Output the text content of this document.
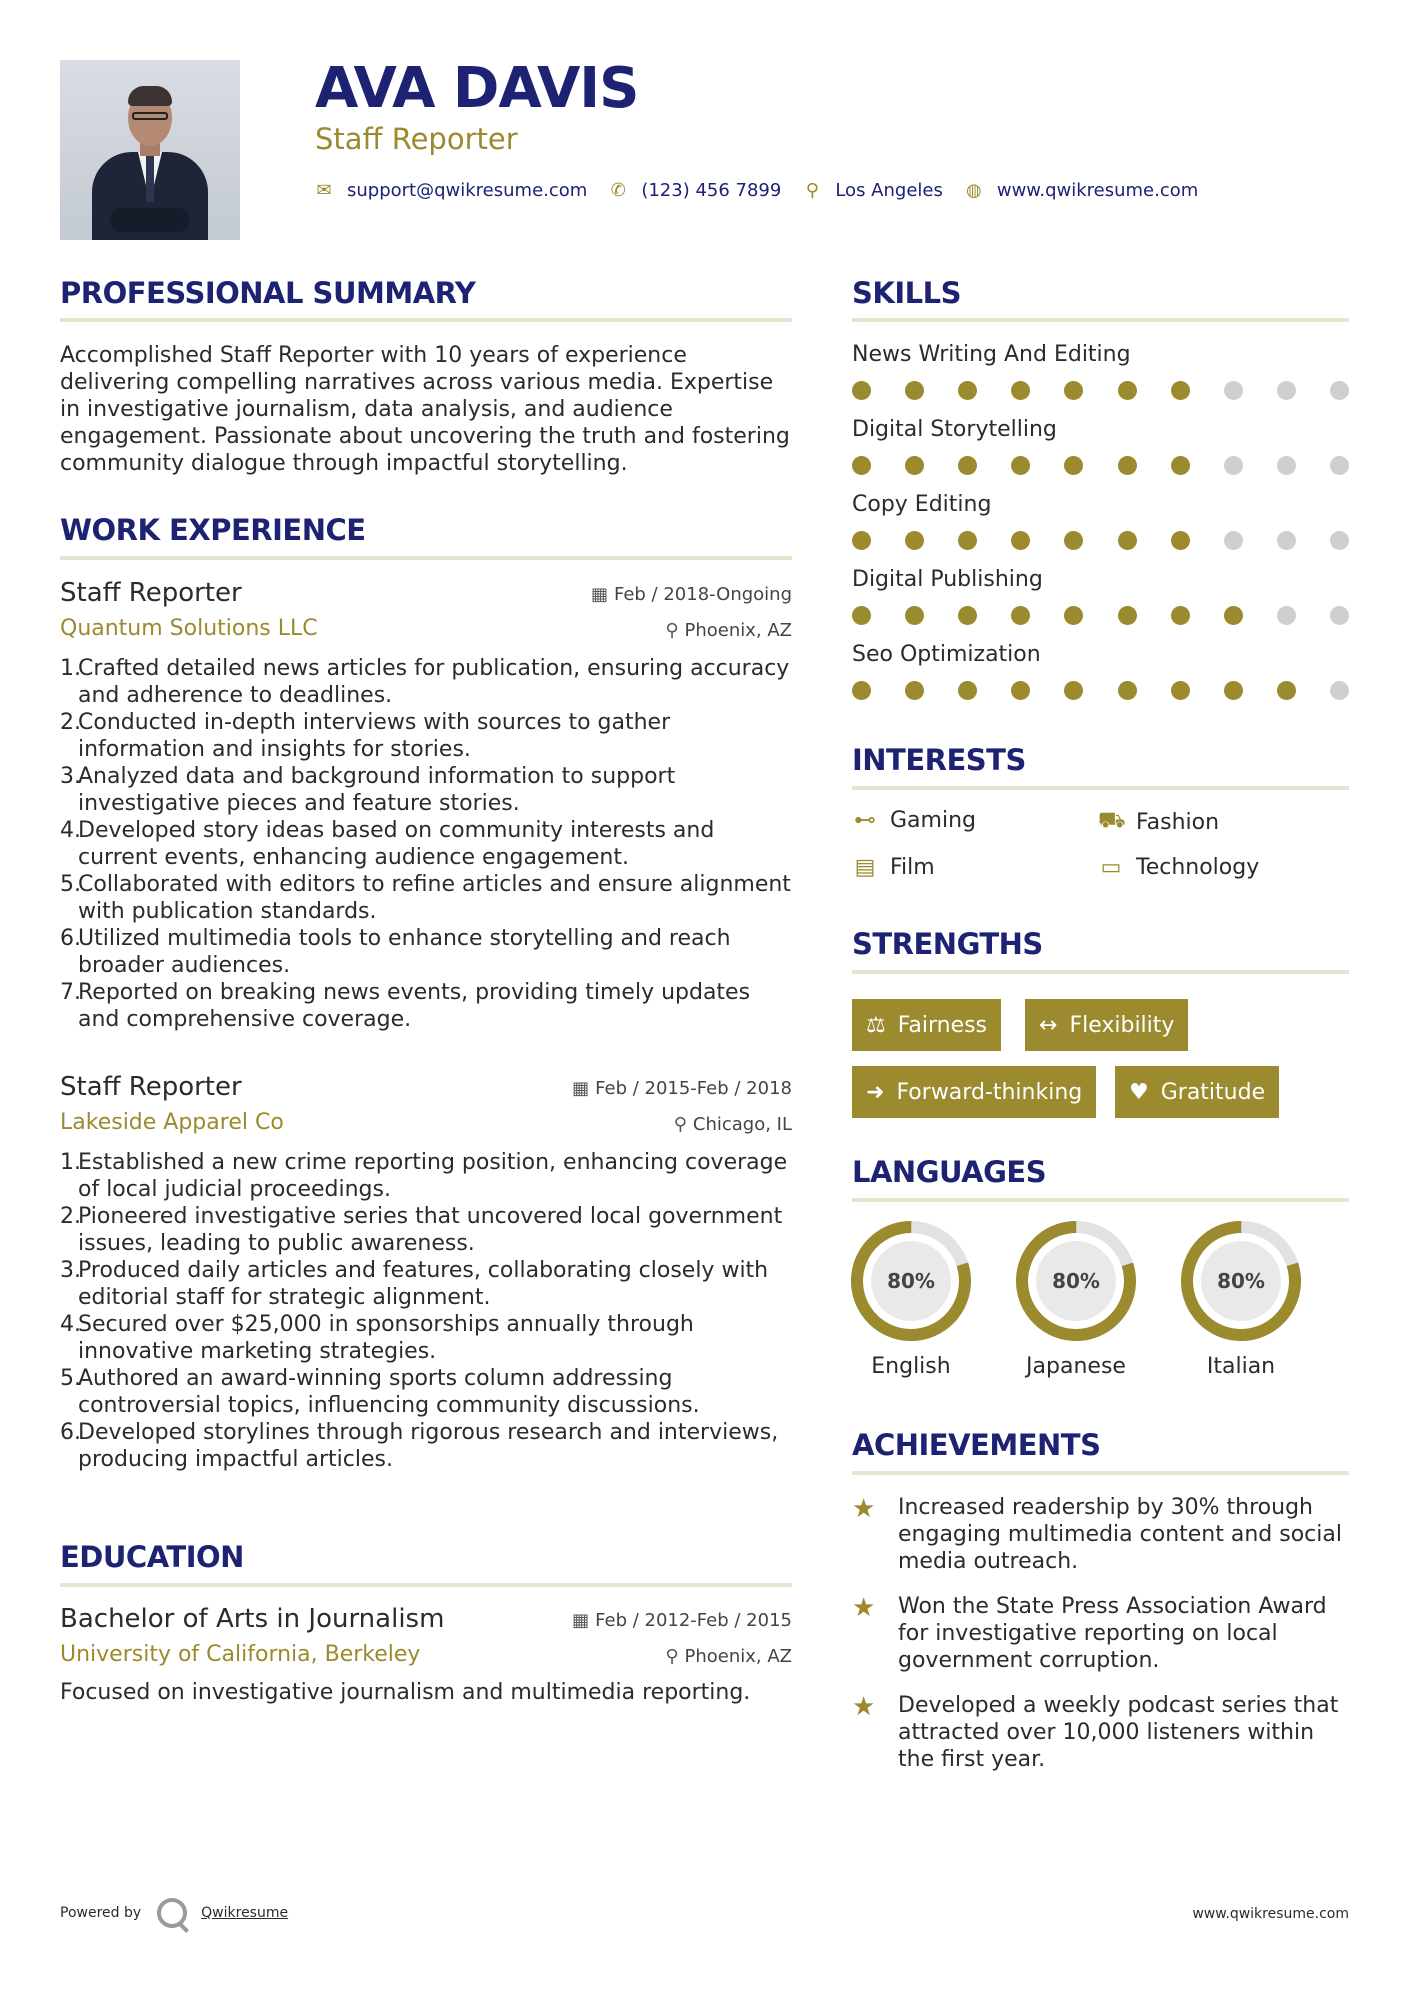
AVA DAVIS
Staff Reporter
✉ support@qwikresume.com ✆ (123) 456 7899 ⚲ Los Angeles ◍ www.qwikresume.com
PROFESSIONAL SUMMARY
Accomplished Staff Reporter with 10 years of experience delivering compelling narratives across various media. Expertise in investigative journalism, data analysis, and audience engagement. Passionate about uncovering the truth and fostering community dialogue through impactful storytelling.
WORK EXPERIENCE
Staff Reporter
Quantum Solutions LLC
▦ Feb / 2018-Ongoing
⚲ Phoenix, AZ
1.
Crafted detailed news articles for publication, ensuring accuracy and adherence to deadlines.
2.
Conducted in-depth interviews with sources to gather information and insights for stories.
3.
Analyzed data and background information to support investigative pieces and feature stories.
4.
Developed story ideas based on community interests and current events, enhancing audience engagement.
5.
Collaborated with editors to refine articles and ensure alignment with publication standards.
6.
Utilized multimedia tools to enhance storytelling and reach broader audiences.
7.
Reported on breaking news events, providing timely updates and comprehensive coverage.
Staff Reporter
Lakeside Apparel Co
▦ Feb / 2015-Feb / 2018
⚲ Chicago, IL
1.
Established a new crime reporting position, enhancing coverage of local judicial proceedings.
2.
Pioneered investigative series that uncovered local government issues, leading to public awareness.
3.
Produced daily articles and features, collaborating closely with editorial staff for strategic alignment.
4.
Secured over $25,000 in sponsorships annually through innovative marketing strategies.
5.
Authored an award-winning sports column addressing controversial topics, influencing community discussions.
6.
Developed storylines through rigorous research and interviews, producing impactful articles.
EDUCATION
Bachelor of Arts in Journalism
University of California, Berkeley
▦ Feb / 2012-Feb / 2015
⚲ Phoenix, AZ
Focused on investigative journalism and multimedia reporting.
SKILLS
News Writing And Editing
Digital Storytelling
Copy Editing
Digital Publishing
Seo Optimization
INTERESTS
⊷ Gaming	⛟ Fashion
▤ Film	▭ Technology
STRENGTHS
⚖ Fairness ↔ Flexibility
➜ Forward-thinking ♥ Gratitude
LANGUAGES
80%
English
80%
Japanese
80%
Italian
ACHIEVEMENTS
★	Increased readership by 30% through engaging multimedia content and social media outreach.
★	Won the State Press Association Award for investigative reporting on local government corruption.
★	Developed a weekly podcast series that attracted over 10,000 listeners within the first year.
Powered by	Qwikresume	www.qwikresume.com
